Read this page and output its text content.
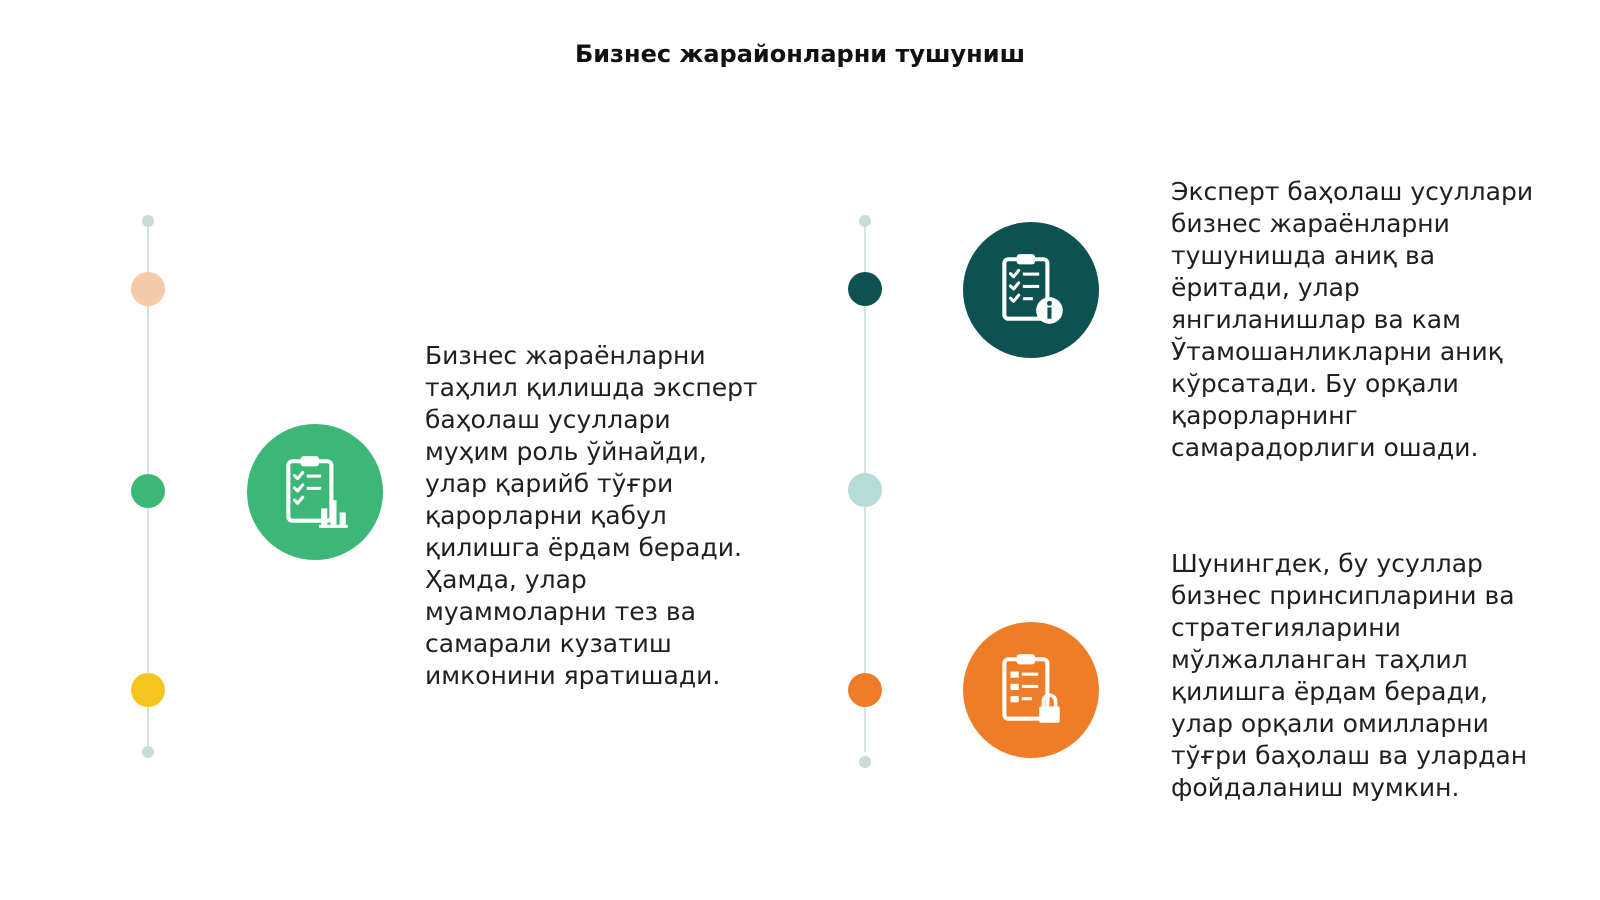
Бизнес жарайонларни тушуниш
Бизнес жараёнларни
таҳлил қилишда эксперт
баҳолаш усуллари
муҳим роль ўйнайди,
улар қарийб тўғри
қарорларни қабул
қилишга ёрдам беради.
Ҳамда, улар
муаммоларни тез ва
самарали кузатиш
имконини яратишади.
Эксперт баҳолаш усуллари
бизнес жараёнларни
тушунишда аниқ ва
ёритади, улар
янгиланишлар ва кам
Ўтамошанликларни аниқ
кўрсатади. Бу орқали
қарорларнинг
самарадорлиги ошади.
Шунингдек, бу усуллар
бизнес принсипларини ва
стратегияларини
мўлжалланган таҳлил
қилишга ёрдам беради,
улар орқали омилларни
тўғри баҳолаш ва улардан
фойдаланиш мумкин.
